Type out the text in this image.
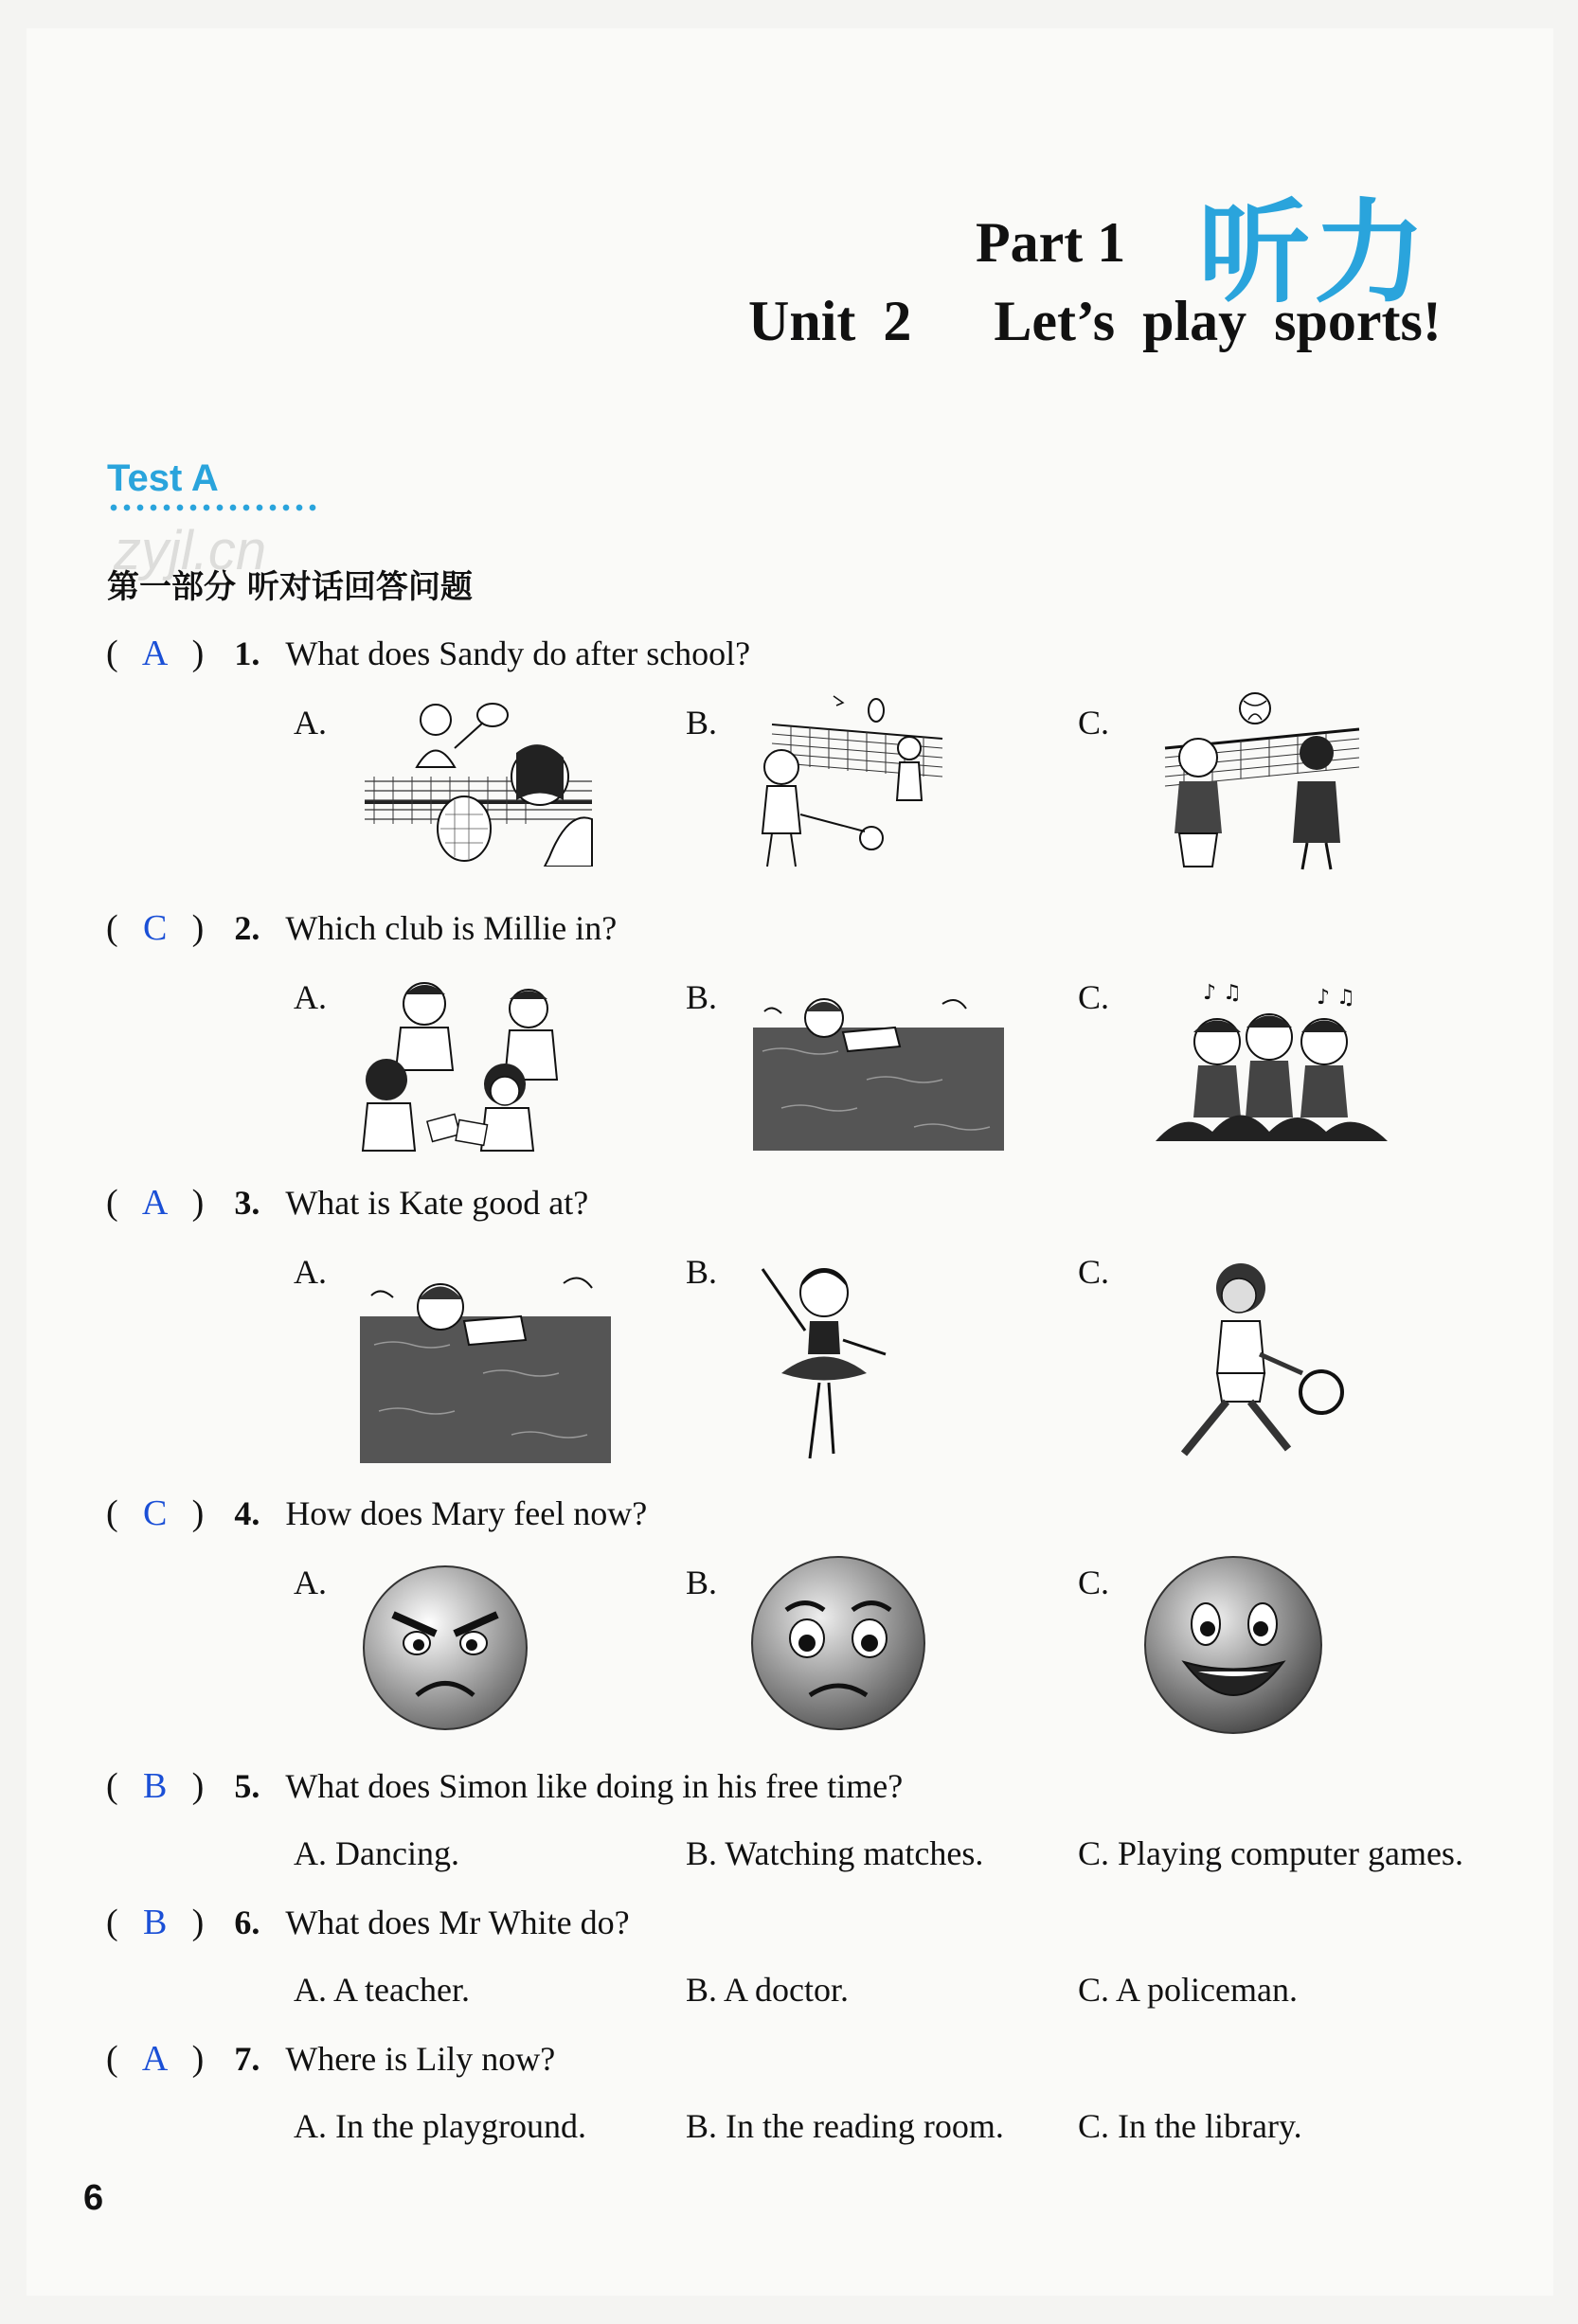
Part 1 听力
Unit 2 Let’s play sports!
Test A
zyjl.cn
第一部分 听对话回答问题
( A ) 1. What does Sandy do after school?
A.	B.	C.
( C ) 2. Which club is Millie in?
A.	B.	C.
( A ) 3. What is Kate good at?
A.	B.	C.
( C ) 4. How does Mary feel now?
A.	B.	C.
( B ) 5. What does Simon like doing in his free time?
A. Dancing.	B. Watching matches.	C. Playing computer games.
( B ) 6. What does Mr White do?
A. A teacher.	B. A doctor.	C. A policeman.
( A ) 7. Where is Lily now?
A. In the playground.	B. In the reading room. C. In the library.
♪ ♫	♪ ♫
6
